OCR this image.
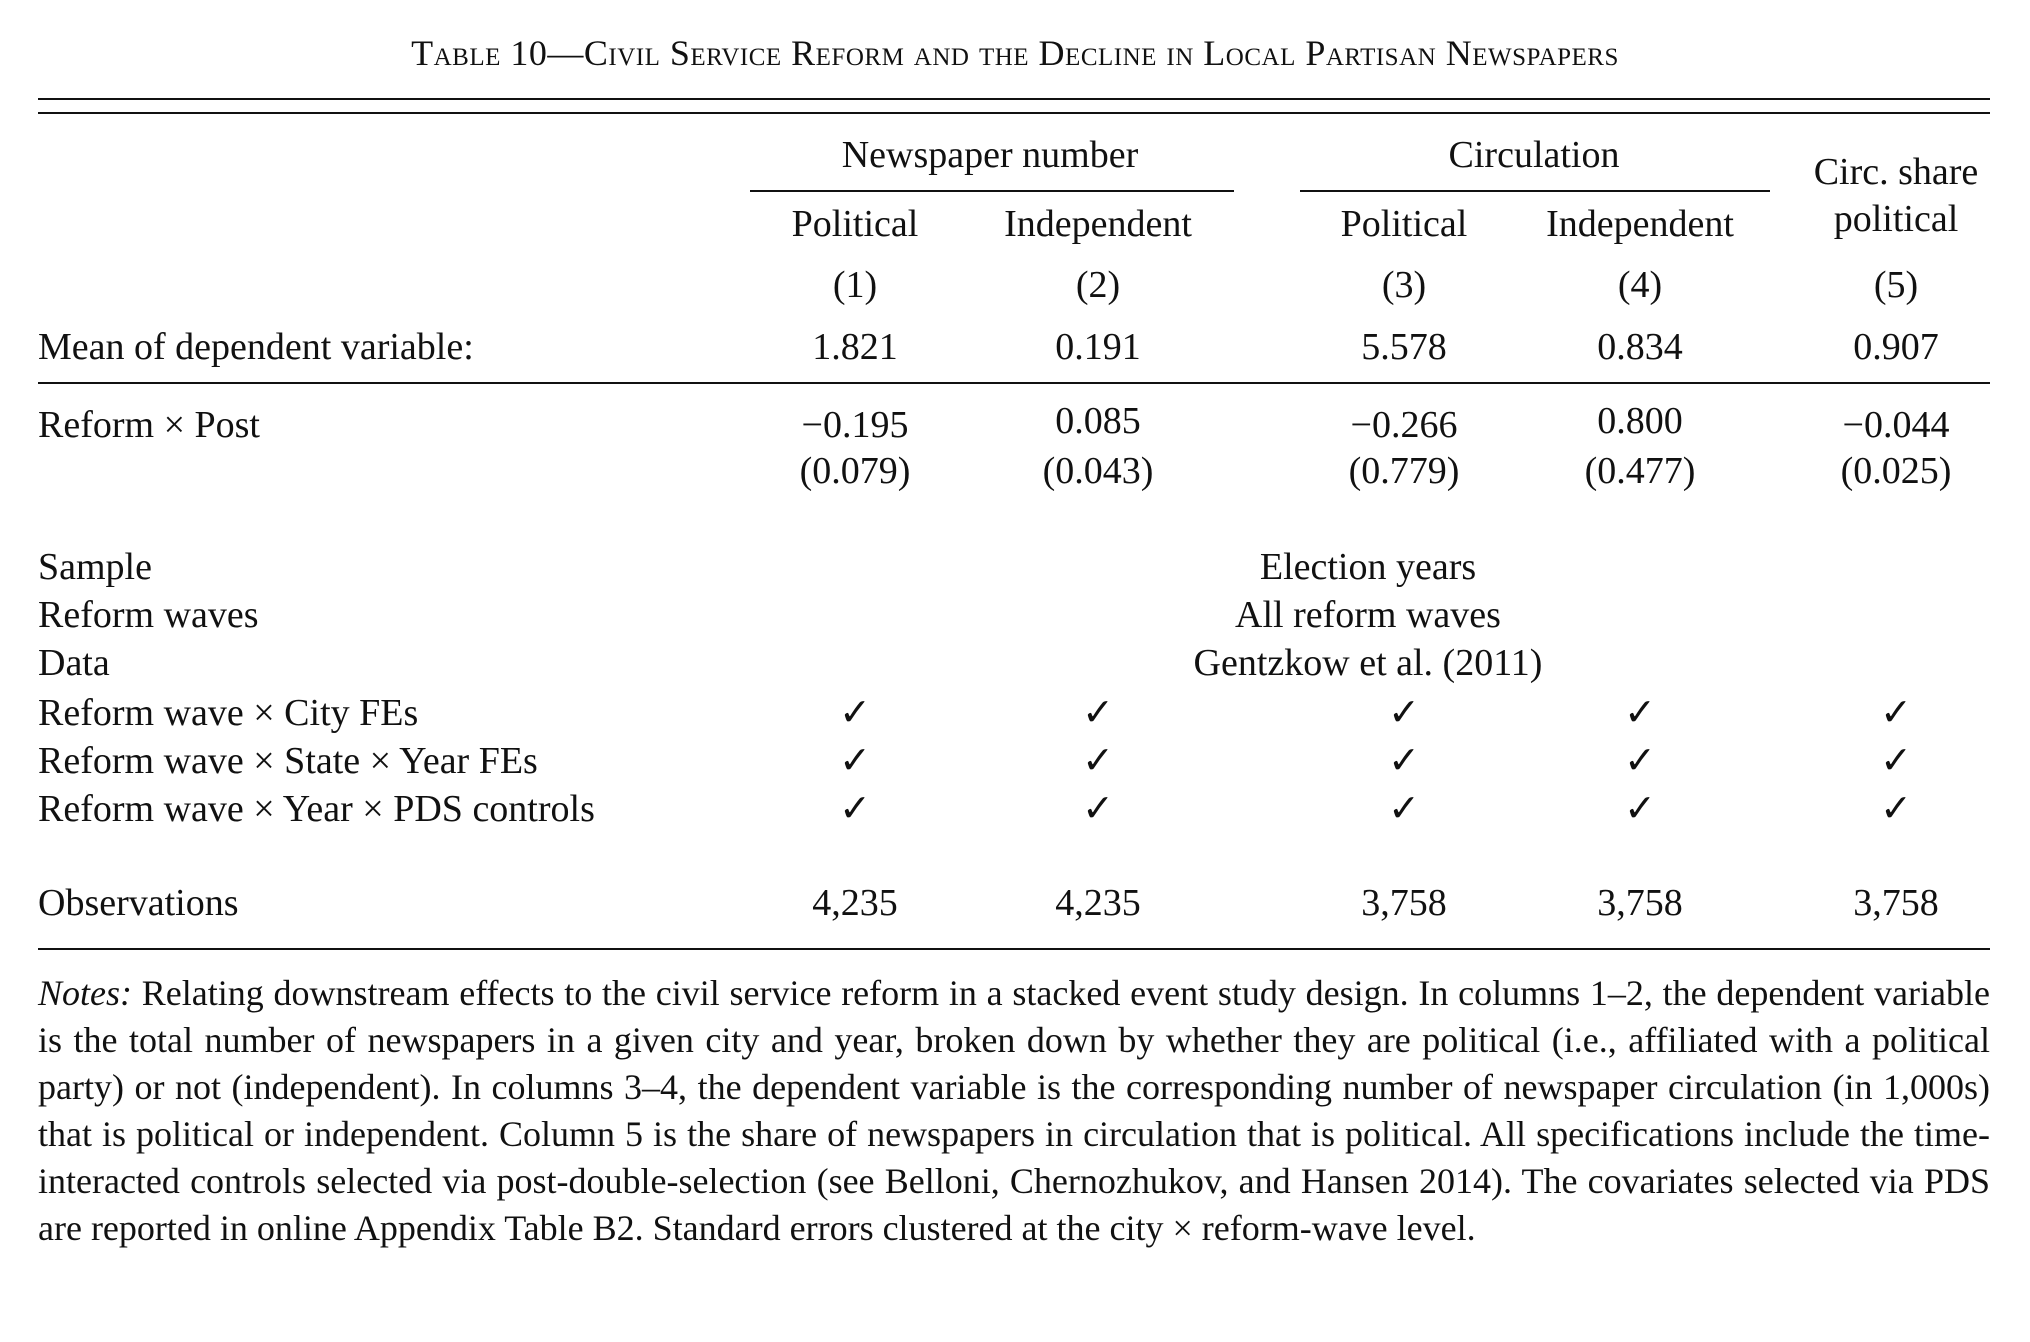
Table 10—Civil Service Reform and the Decline in Local Partisan Newspapers
Newspaper number	Circulation	Circ. share
political
Political Independent	Political Independent
(1)	(2)	(3)	(4)	(5)
Mean of dependent variable:	1.821	0.191	5.578	0.834	0.907
Reform × Post	−0.195	0.085	−0.266	0.800	−0.044
(0.079)	(0.043)	(0.779)	(0.477)	(0.025)
Sample	Election years
Reform waves	All reform waves
Data	Gentzkow et al. (2011)
Reform wave × City FEs	✓	✓	✓	✓	✓
Reform wave × State × Year FEs	✓	✓	✓	✓	✓
Reform wave × Year × PDS controls	✓	✓	✓	✓	✓
Observations	4,235	4,235	3,758	3,758	3,758
Notes: Relating downstream effects to the civil service reform in a stacked event study design. In columns 1–2, the dependent variable is the total number of newspapers in a given city and year, broken down by whether they are political (i.e., affiliated with a political party) or not (independent). In columns 3–4, the dependent variable is the corresponding number of newspaper circulation (in 1,000s) that is political or independent. Column 5 is the share of newspapers in circulation that is political. All specifications include the time-interacted controls selected via post-double-selection (see Belloni, Chernozhukov, and Hansen 2014). The covariates selected via PDS are reported in online Appendix Table B2. Standard errors clustered at the city × reform-wave level.
